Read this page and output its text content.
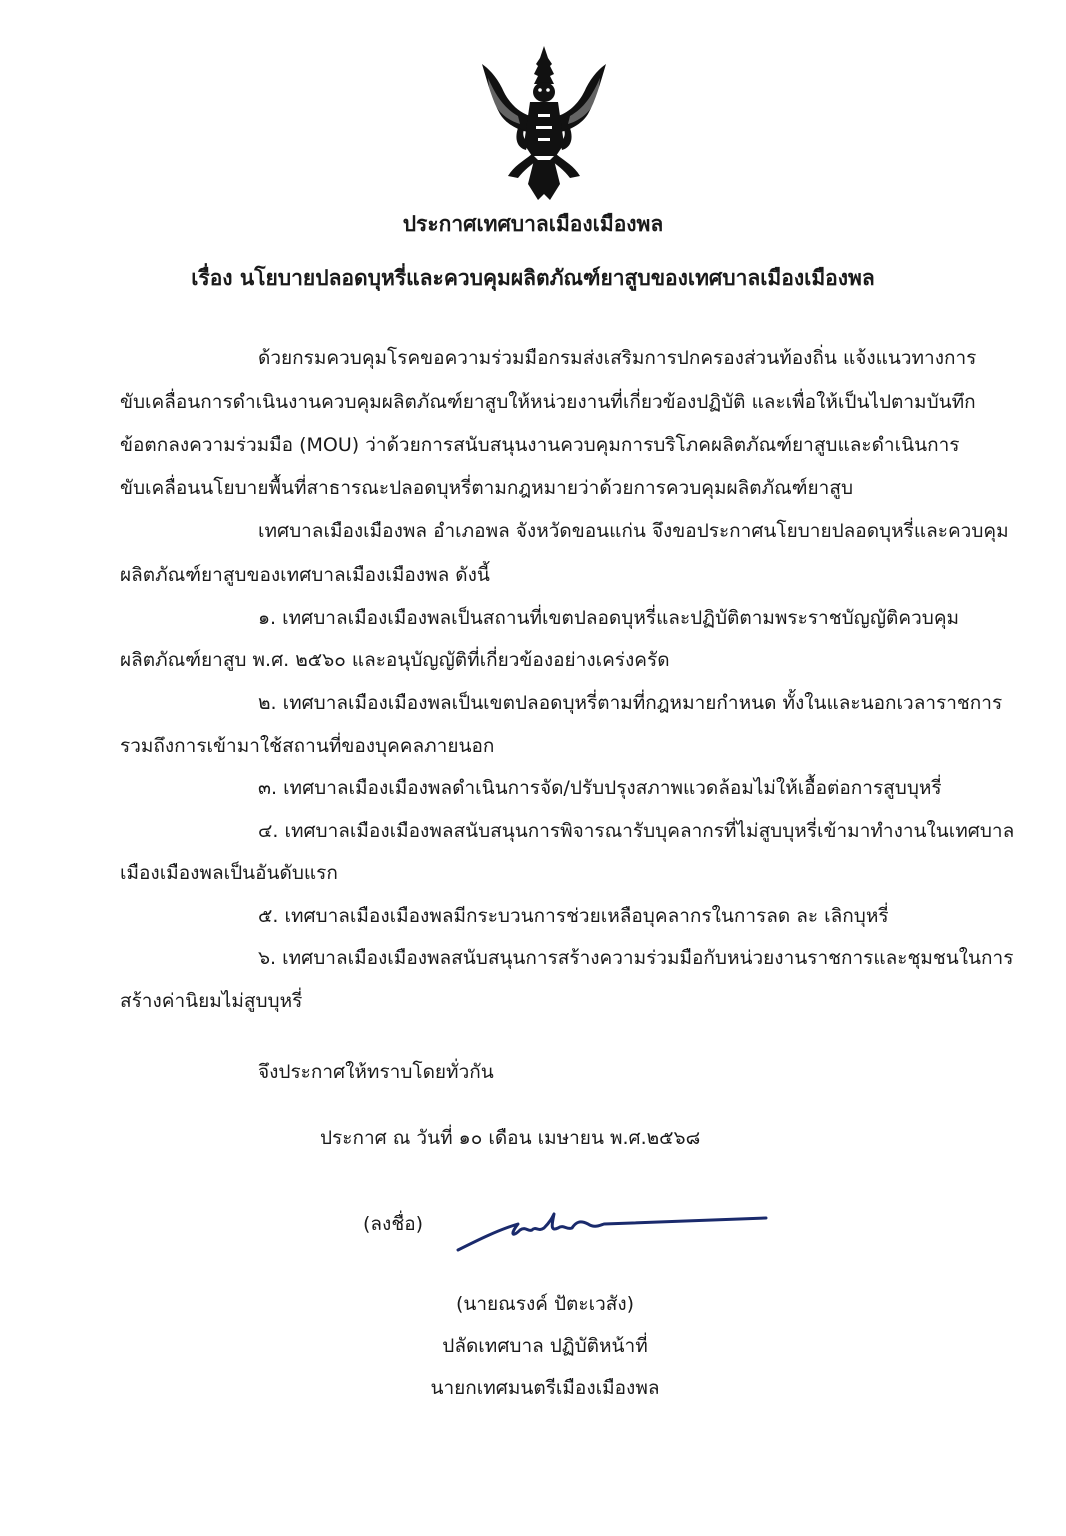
ประกาศเทศบาลเมืองเมืองพล
เรื่อง นโยบายปลอดบุหรี่และควบคุมผลิตภัณฑ์ยาสูบของเทศบาลเมืองเมืองพล
ด้วยกรมควบคุมโรคขอความร่วมมือกรมส่งเสริมการปกครองส่วนท้องถิ่น แจ้งแนวทางการ
ขับเคลื่อนการดำเนินงานควบคุมผลิตภัณฑ์ยาสูบให้หน่วยงานที่เกี่ยวข้องปฏิบัติ และเพื่อให้เป็นไปตามบันทึก
ข้อตกลงความร่วมมือ (MOU) ว่าด้วยการสนับสนุนงานควบคุมการบริโภคผลิตภัณฑ์ยาสูบและดำเนินการ
ขับเคลื่อนนโยบายพื้นที่สาธารณะปลอดบุหรี่ตามกฎหมายว่าด้วยการควบคุมผลิตภัณฑ์ยาสูบ
เทศบาลเมืองเมืองพล อำเภอพล จังหวัดขอนแก่น จึงขอประกาศนโยบายปลอดบุหรี่และควบคุม
ผลิตภัณฑ์ยาสูบของเทศบาลเมืองเมืองพล ดังนี้
๑. เทศบาลเมืองเมืองพลเป็นสถานที่เขตปลอดบุหรี่และปฏิบัติตามพระราชบัญญัติควบคุม
ผลิตภัณฑ์ยาสูบ พ.ศ. ๒๕๖๐ และอนุบัญญัติที่เกี่ยวข้องอย่างเคร่งครัด
๒. เทศบาลเมืองเมืองพลเป็นเขตปลอดบุหรี่ตามที่กฎหมายกำหนด ทั้งในและนอกเวลาราชการ
รวมถึงการเข้ามาใช้สถานที่ของบุคคลภายนอก
๓. เทศบาลเมืองเมืองพลดำเนินการจัด/ปรับปรุงสภาพแวดล้อมไม่ให้เอื้อต่อการสูบบุหรี่
๔. เทศบาลเมืองเมืองพลสนับสนุนการพิจารณารับบุคลากรที่ไม่สูบบุหรี่เข้ามาทำงานในเทศบาล
เมืองเมืองพลเป็นอันดับแรก
๕. เทศบาลเมืองเมืองพลมีกระบวนการช่วยเหลือบุคลากรในการลด ละ เลิกบุหรี่
๖. เทศบาลเมืองเมืองพลสนับสนุนการสร้างความร่วมมือกับหน่วยงานราชการและชุมชนในการ
สร้างค่านิยมไม่สูบบุหรี่
จึงประกาศให้ทราบโดยทั่วกัน
ประกาศ ณ วันที่ ๑๐ เดือน เมษายน พ.ศ.๒๕๖๘
(ลงชื่อ)
(นายณรงค์ ปัตะเวสัง)
ปลัดเทศบาล ปฏิบัติหน้าที่
นายกเทศมนตรีเมืองเมืองพล
